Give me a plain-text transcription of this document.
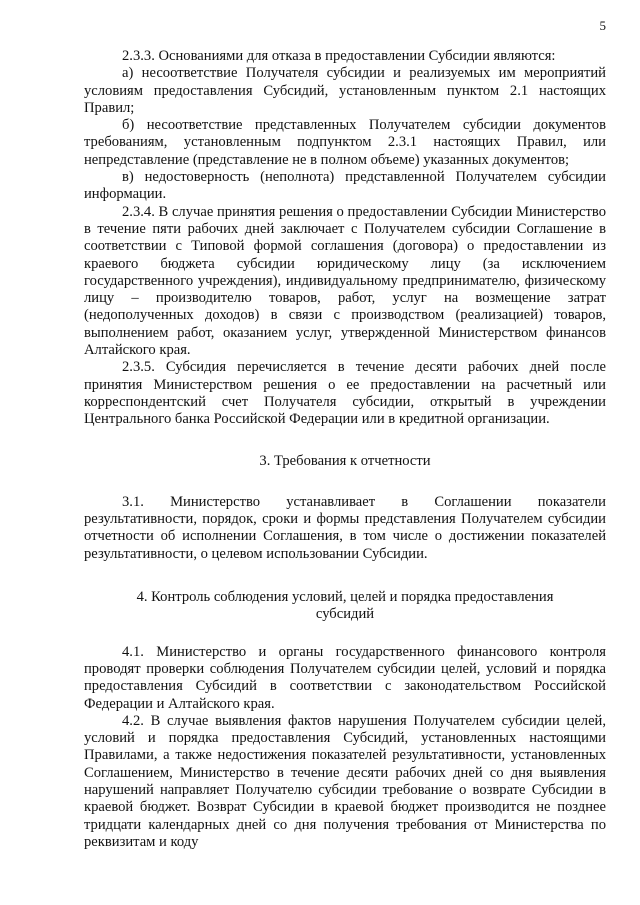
5

2.3.3. Основаниями для отказа в предоставлении Субсидии являются:

а) несоответствие Получателя субсидии и реализуемых им мероприятий условиям предоставления Субсидий, установленным пунктом 2.1 настоящих Правил;

б) несоответствие представленных Получателем субсидии документов требованиям, установленным подпунктом 2.3.1 настоящих Правил, или непредставление (представление не в полном объеме) указанных документов;

в) недостоверность (неполнота) представленной Получателем субсидии информации.

2.3.4. В случае принятия решения о предоставлении Субсидии Министерство в течение пяти рабочих дней заключает с Получателем субсидии Соглашение в соответствии с Типовой формой соглашения (договора) о предоставлении из краевого бюджета субсидии юридическому лицу (за исключением государственного учреждения), индивидуальному предпринимателю, физическому лицу – производителю товаров, работ, услуг на возмещение затрат (недополученных доходов) в связи с производством (реализацией) товаров, выполнением работ, оказанием услуг, утвержденной Министерством финансов Алтайского края.

2.3.5. Субсидия перечисляется в течение десяти рабочих дней после принятия Министерством решения о ее предоставлении на расчетный или корреспондентский счет Получателя субсидии, открытый в учреждении Центрального банка Российской Федерации или в кредитной организации.

3. Требования к отчетности

3.1. Министерство устанавливает в Соглашении показатели результативности, порядок, сроки и формы представления Получателем субсидии отчетности об исполнении Соглашения, в том числе о достижении показателей результативности, о целевом использовании Субсидии.

4. Контроль соблюдения условий, целей и порядка предоставления
субсидий

4.1. Министерство и органы государственного финансового контроля проводят проверки соблюдения Получателем субсидии целей, условий и порядка предоставления Субсидий в соответствии с законодательством Российской Федерации и Алтайского края.

4.2. В случае выявления фактов нарушения Получателем субсидии целей, условий и порядка предоставления Субсидий, установленных настоящими Правилами, а также недостижения показателей результативности, установленных Соглашением, Министерство в течение десяти рабочих дней со дня выявления нарушений направляет Получателю субсидии требование о возврате Субсидии в краевой бюджет. Возврат Субсидии в краевой бюджет производится не позднее тридцати календарных дней со дня получения требования от Министерства по реквизитам и коду
